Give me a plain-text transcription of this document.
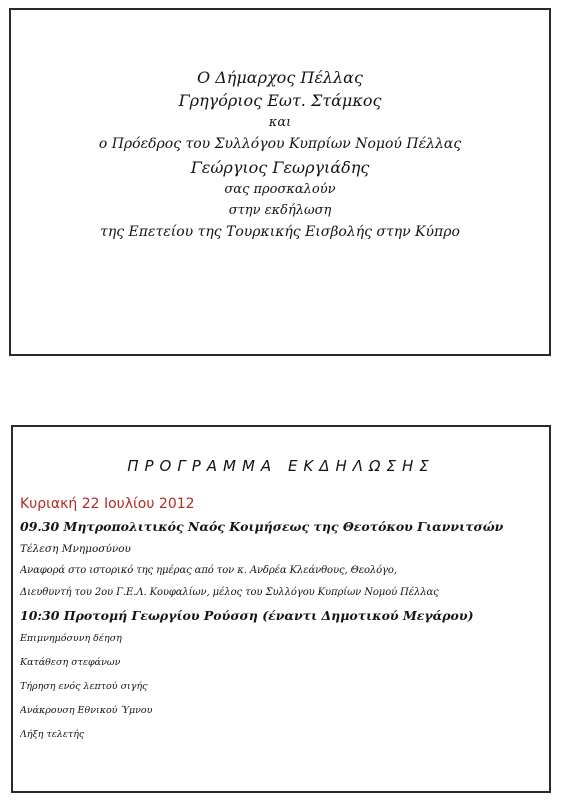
Ο Δήμαρχος Πέλλας
Γρηγόριος Εωτ. Στάμκος
και
ο Πρόεδρος του Συλλόγου Κυπρίων Νομού Πέλλας
Γεώργιος Γεωργιάδης
σας προσκαλούν
στην εκδήλωση
της Επετείου της Τουρκικής Εισβολής στην Κύπρο
ΠΡΟΓΡΑΜΜΑ ΕΚΔΗΛΩΣΗΣ
Κυριακή 22 Ιουλίου 2012
09.30 Μητροπολιτικός Ναός Κοιμήσεως της Θεοτόκου Γιαννιτσών
Τέλεση Μνημοσύνου
Αναφορά στο ιστορικό της ημέρας από τον κ. Ανδρέα Κλεάνθους, Θεολόγο,
Διευθυντή του 2ου Γ.Ε.Λ. Κουφαλίων, μέλος του Συλλόγου Κυπρίων Νομού Πέλλας
10:30 Προτομή Γεωργίου Ρούσση (έναντι Δημοτικού Μεγάρου)
Επιμνημόσυνη δέηση
Κατάθεση στεφάνων
Τήρηση ενός λεπτού σιγής
Ανάκρουση Εθνικού Ύμνου
Λήξη τελετής
